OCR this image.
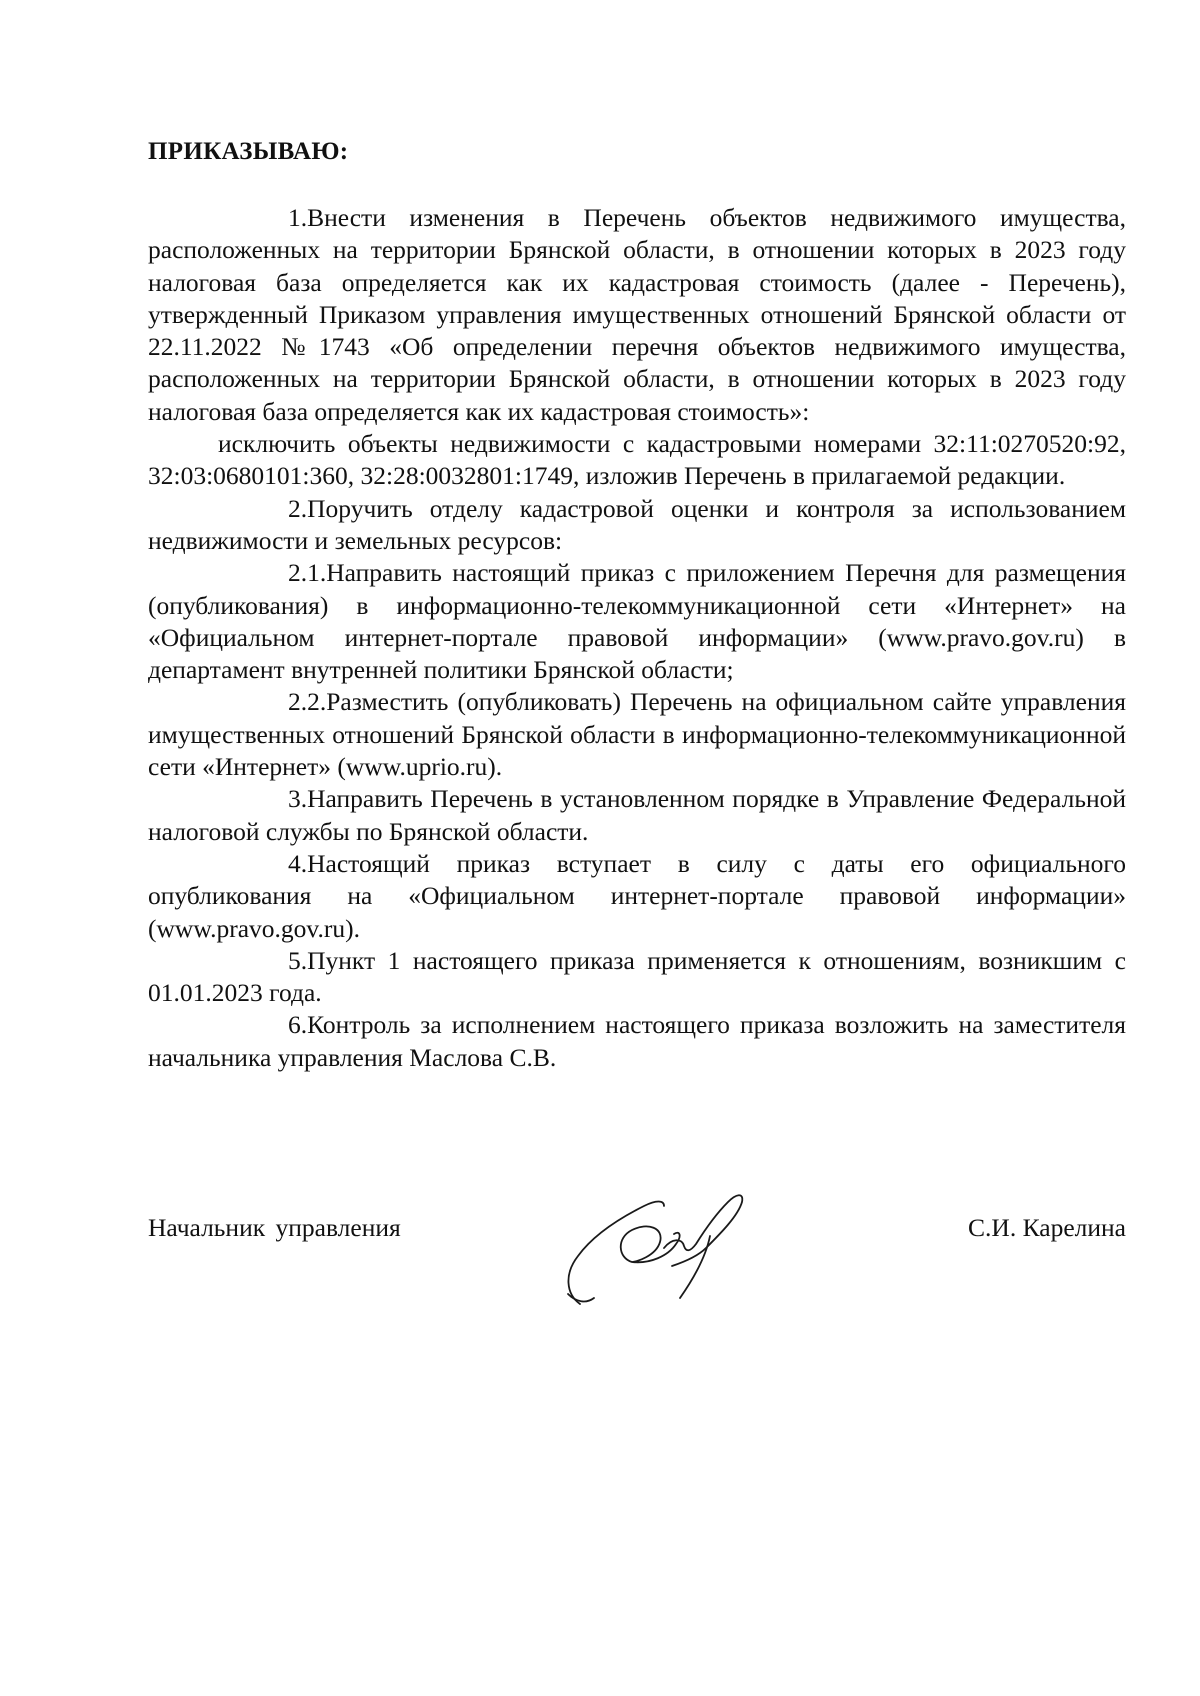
ПРИКАЗЫВАЮ:

1.Внести изменения в Перечень объектов недвижимого имущества, расположенных на территории Брянской области, в отношении которых в 2023 году налоговая база определяется как их кадастровая стоимость (далее - Перечень), утвержденный Приказом управления имущественных отношений Брянской области от 22.11.2022 №1743 «Об определении перечня объектов недвижимого имущества, расположенных на территории Брянской области, в отношении которых в 2023 году налоговая база определяется как их кадастровая стоимость»:

исключить объекты недвижимости с кадастровыми номерами 32:11:0270520:92, 32:03:0680101:360, 32:28:0032801:1749, изложив Перечень в прилагаемой редакции.

2.Поручить отделу кадастровой оценки и контроля за использованием недвижимости и земельных ресурсов:

2.1.Направить настоящий приказ с приложением Перечня для размещения (опубликования) в информационно-телекоммуникационной сети «Интернет» на «Официальном интернет-портале правовой информации» (www.pravo.gov.ru) в департамент внутренней политики Брянской области;

2.2.Разместить (опубликовать) Перечень на официальном сайте управления имущественных отношений Брянской области в информационно-телекоммуникационной сети «Интернет» (www.uprio.ru).

3.Направить Перечень в установленном порядке в Управление Федеральной налоговой службы по Брянской области.

4.Настоящий приказ вступает в силу с даты его официального опубликования на «Официальном интернет-портале правовой информации» (www.pravo.gov.ru).

5.Пункт 1 настоящего приказа применяется к отношениям, возникшим с 01.01.2023 года.

6.Контроль за исполнением настоящего приказа возложить на заместителя начальника управления Маслова С.В.

Начальник управления	С.И. Карелина
